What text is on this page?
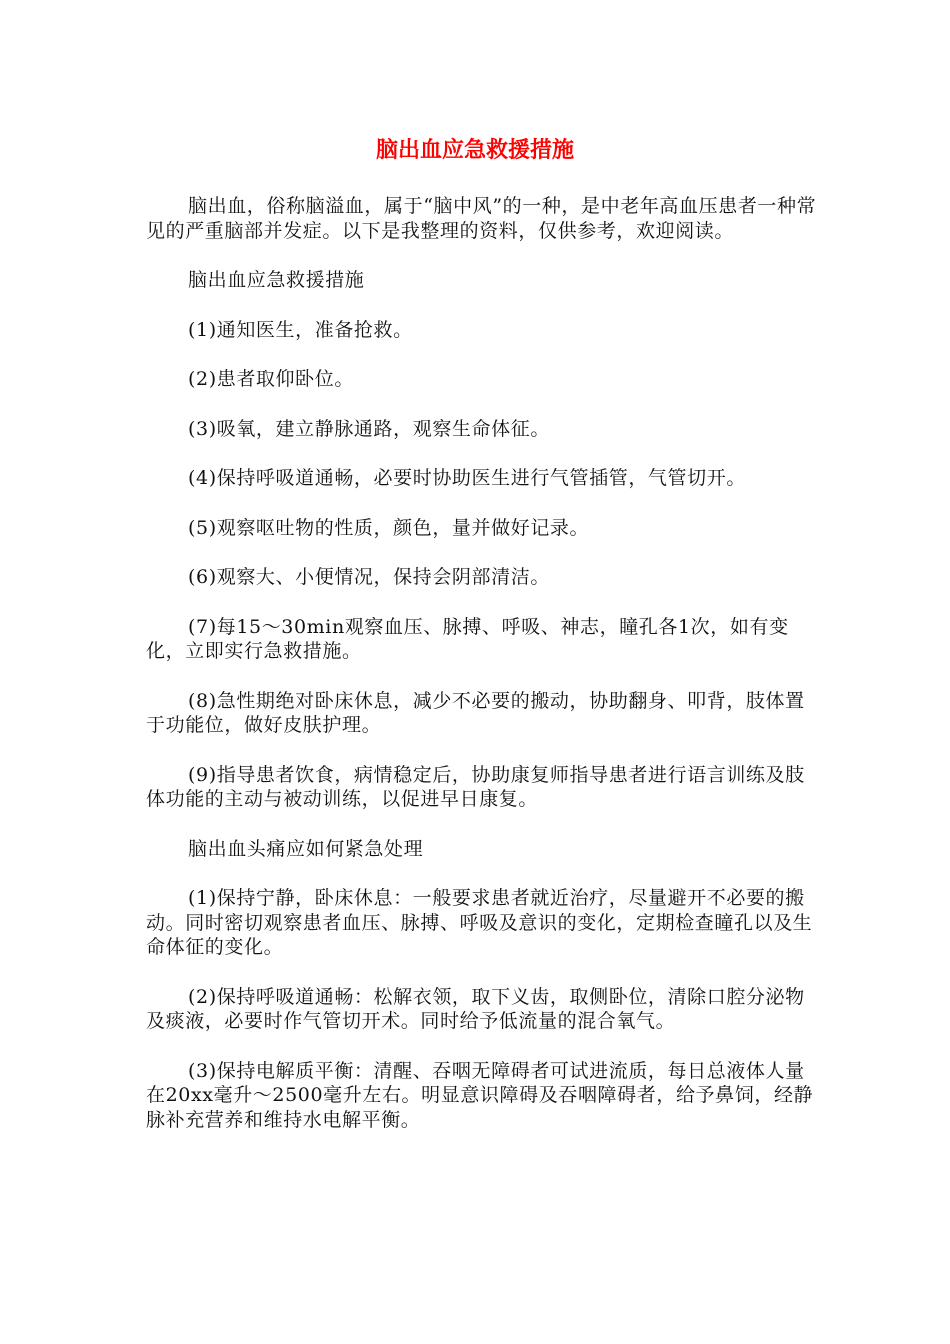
脑出血应急救援措施

脑出血，俗称脑溢血，属于“脑中风”的一种，是中老年高血压患者一种常见的严重脑部并发症。以下是我整理的资料，仅供参考，欢迎阅读。

脑出血应急救援措施

(1)通知医生，准备抢救。

(2)患者取仰卧位。

(3)吸氧，建立静脉通路，观察生命体征。

(4)保持呼吸道通畅，必要时协助医生进行气管插管，气管切开。

(5)观察呕吐物的性质，颜色，量并做好记录。

(6)观察大、小便情况，保持会阴部清洁。

(7)每15～30min观察血压、脉搏、呼吸、神志，瞳孔各1次，如有变化，立即实行急救措施。

(8)急性期绝对卧床休息，减少不必要的搬动，协助翻身、叩背，肢体置于功能位，做好皮肤护理。

(9)指导患者饮食，病情稳定后，协助康复师指导患者进行语言训练及肢体功能的主动与被动训练，以促进早日康复。

脑出血头痛应如何紧急处理

(1)保持宁静，卧床休息：一般要求患者就近治疗，尽量避开不必要的搬动。同时密切观察患者血压、脉搏、呼吸及意识的变化，定期检查瞳孔以及生命体征的变化。

(2)保持呼吸道通畅：松解衣领，取下义齿，取侧卧位，清除口腔分泌物及痰液，必要时作气管切开术。同时给予低流量的混合氧气。

(3)保持电解质平衡：清醒、吞咽无障碍者可试进流质，每日总液体人量在20xx毫升～2500毫升左右。明显意识障碍及吞咽障碍者，给予鼻饲，经静脉补充营养和维持水电解平衡。
